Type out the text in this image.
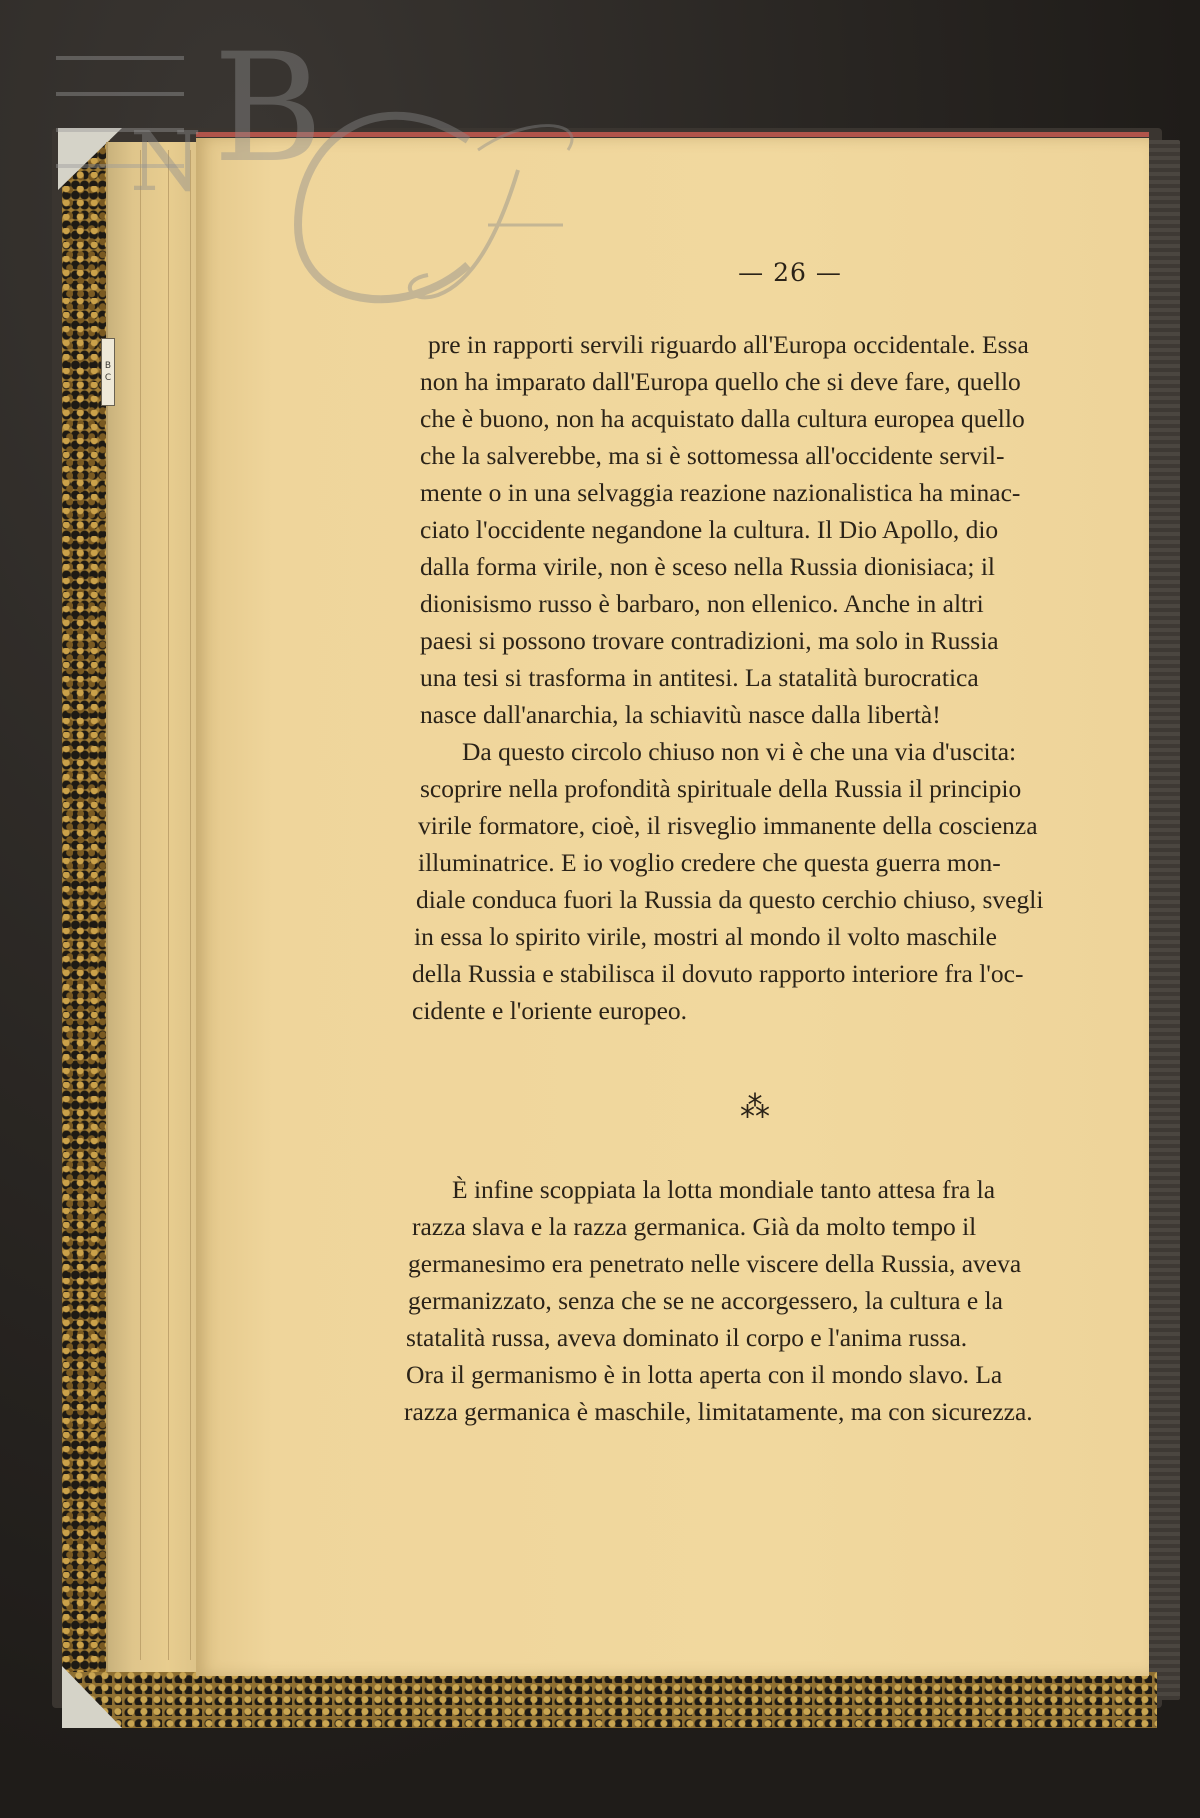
B
C
B
N
— 26 —
pre in rapporti servili riguardo all'Europa occidentale. Essa
non ha imparato dall'Europa quello che si deve fare, quello
che è buono, non ha acquistato dalla cultura europea quello
che la salverebbe, ma si è sottomessa all'occidente servil-
mente o in una selvaggia reazione nazionalistica ha minac-
ciato l'occidente negandone la cultura. Il Dio Apollo, dio
dalla forma virile, non è sceso nella Russia dionisiaca; il
dionisismo russo è barbaro, non ellenico. Anche in altri
paesi si possono trovare contradizioni, ma solo in Russia
una tesi si trasforma in antitesi. La statalità burocratica
nasce dall'anarchia, la schiavitù nasce dalla libertà!
Da questo circolo chiuso non vi è che una via d'uscita:
scoprire nella profondità spirituale della Russia il principio
virile formatore, cioè, il risveglio immanente della coscienza
illuminatrice. E io voglio credere che questa guerra mon-
diale conduca fuori la Russia da questo cerchio chiuso, svegli
in essa lo spirito virile, mostri al mondo il volto maschile
della Russia e stabilisca il dovuto rapporto interiore fra l'oc-
cidente e l'oriente europeo.
⁂
È infine scoppiata la lotta mondiale tanto attesa fra la
razza slava e la razza germanica. Già da molto tempo il
germanesimo era penetrato nelle viscere della Russia, aveva
germanizzato, senza che se ne accorgessero, la cultura e la
statalità russa, aveva dominato il corpo e l'anima russa.
Ora il germanismo è in lotta aperta con il mondo slavo. La
razza germanica è maschile, limitatamente, ma con sicurezza.
